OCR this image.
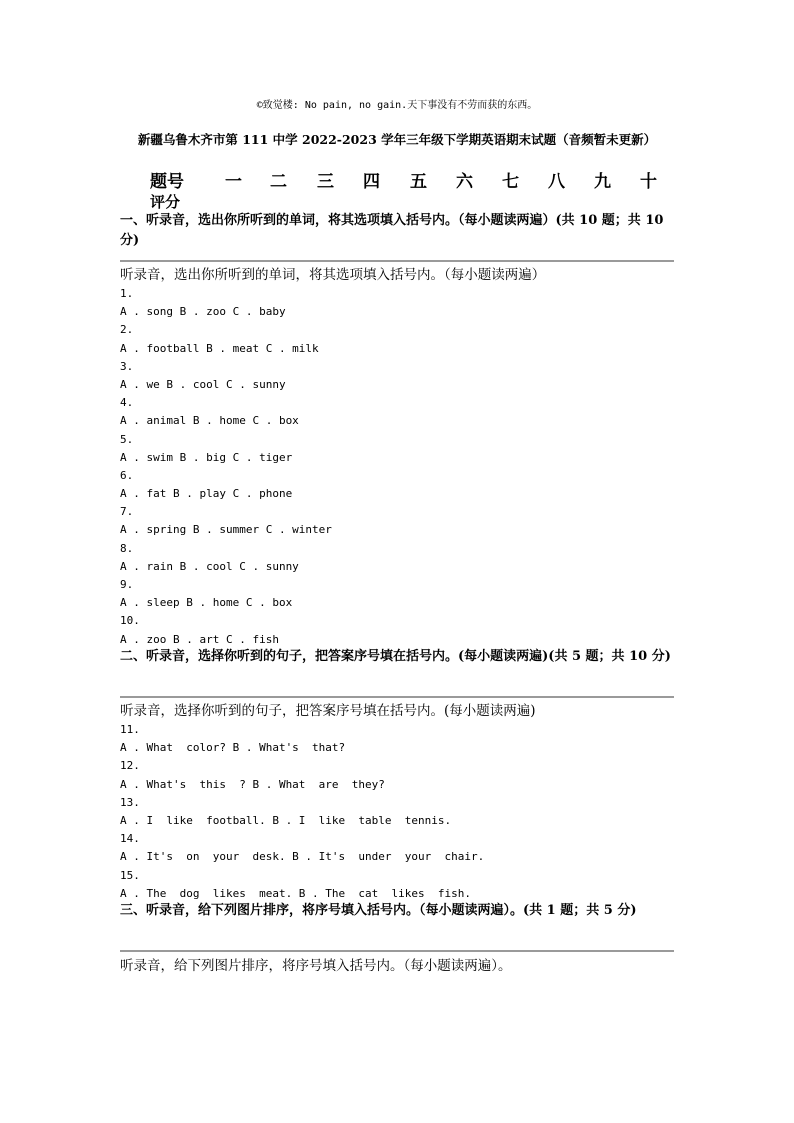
©致觉楼: No pain, no gain.天下事没有不劳而获的东西。
新疆乌鲁木齐市第 111 中学 2022-2023 学年三年级下学期英语期末试题（音频暂未更新）
题号 一 二 三 四 五 六 七 八 九 十
评分
一、听录音，选出你所听到的单词，将其选项填入括号内。（每小题读两遍）(共 10 题；共 10 分)
听录音，选出你所听到的单词，将其选项填入括号内。（每小题读两遍）
1.
A . song B . zoo C . baby
2.
A . football B . meat C . milk
3.
A . we B . cool C . sunny
4.
A . animal B . home C . box
5.
A . swim B . big C . tiger
6.
A . fat B . play C . phone
7.
A . spring B . summer C . winter
8.
A . rain B . cool C . sunny
9.
A . sleep B . home C . box
10.
A . zoo B . art C . fish
二、听录音，选择你听到的句子，把答案序号填在括号内。(每小题读两遍)(共 5 题；共 10 分)
听录音，选择你听到的句子，把答案序号填在括号内。(每小题读两遍)
11.
A . What  color? B . What's  that?
12.
A . What's  this  ? B . What  are  they?
13.
A . I  like  football. B . I  like  table  tennis.
14.
A . It's  on  your  desk. B . It's  under  your  chair.
15.
A . The  dog  likes  meat. B . The  cat  likes  fish.
三、听录音，给下列图片排序，将序号填入括号内。（每小题读两遍）。(共 1 题；共 5 分)
听录音，给下列图片排序，将序号填入括号内。（每小题读两遍）。
